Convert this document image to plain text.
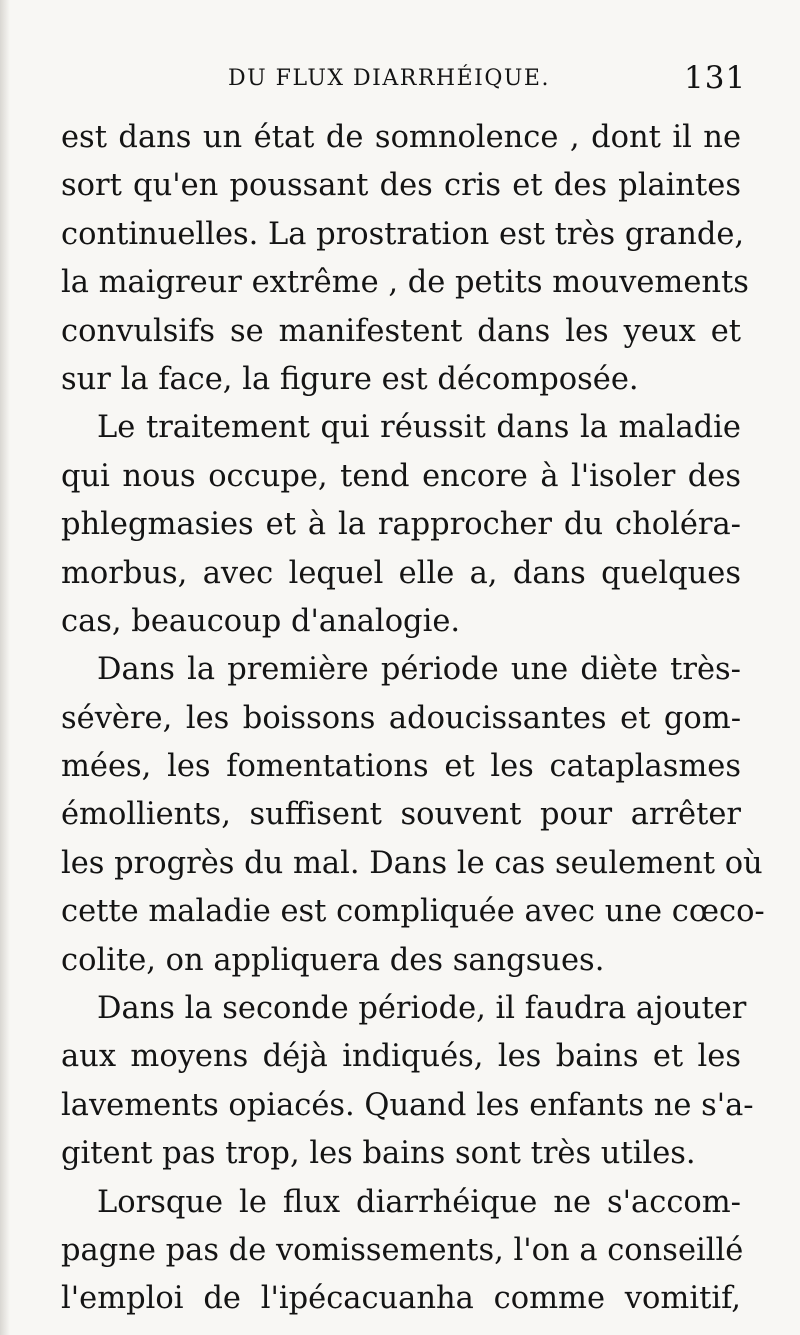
DU FLUX DIARRHÉIQUE.	131
est dans un état de somnolence , dont il ne
sort qu'en poussant des cris et des plaintes
continuelles. La prostration est très grande,
la maigreur extrême , de petits mouvements
convulsifs se manifestent dans les yeux et
sur la face, la figure est décomposée.
Le traitement qui réussit dans la maladie
qui nous occupe, tend encore à l'isoler des
phlegmasies et à la rapprocher du choléra-
morbus, avec lequel elle a, dans quelques
cas, beaucoup d'analogie.
Dans la première période une diète très-
sévère, les boissons adoucissantes et gom-
mées, les fomentations et les cataplasmes
émollients, suffisent souvent pour arrêter
les progrès du mal. Dans le cas seulement où
cette maladie est compliquée avec une cœco-
colite, on appliquera des sangsues.
Dans la seconde période, il faudra ajouter
aux moyens déjà indiqués, les bains et les
lavements opiacés. Quand les enfants ne s'a-
gitent pas trop, les bains sont très utiles.
Lorsque le flux diarrhéique ne s'accom-
pagne pas de vomissements, l'on a conseillé
l'emploi de l'ipécacuanha comme vomitif,
